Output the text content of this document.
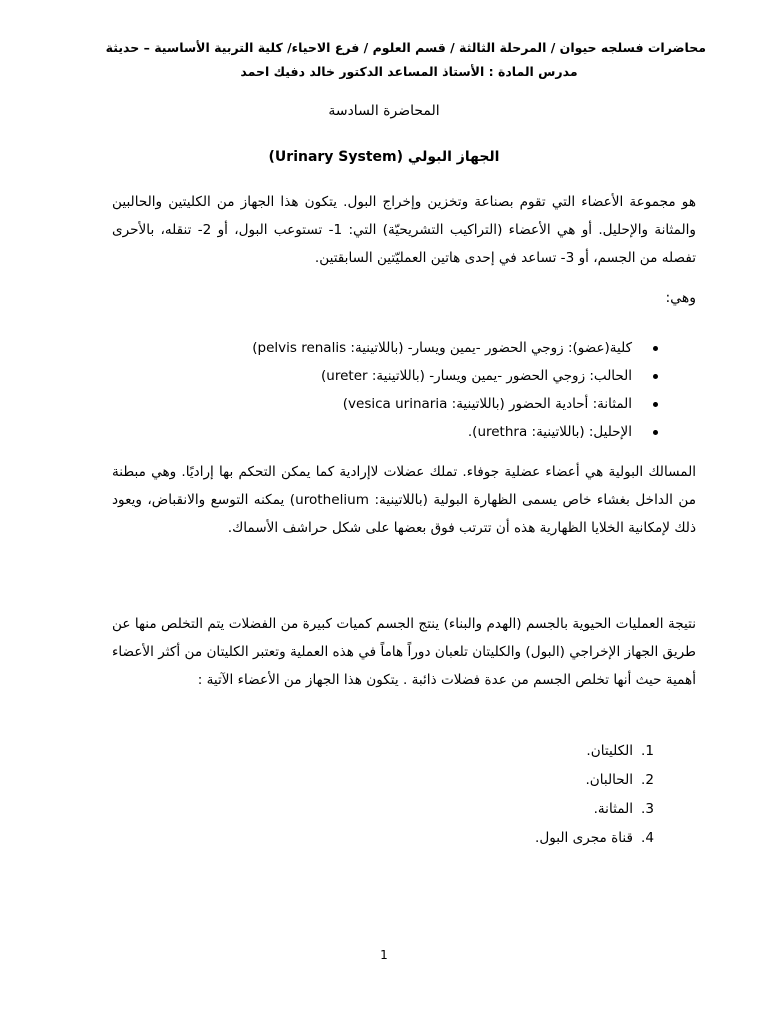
محاضرات فسلجه حيوان / المرحلة الثالثة / قسم العلوم / فرع الاحياء/ كلية التربية الأساسية – حديثة
مدرس المادة : الأستاذ المساعد الدكتور خالد دفيك احمد
المحاضرة السادسة
الجهاز البولي (Urinary System)
هو مجموعة الأعضاء التي تقوم بصناعة وتخزين وإخراج البول. يتكون هذا الجهاز من الكليتين والحالبين والمثانة والإحليل. أو هي الأعضاء (التراكيب التشريحيّة) التي: 1- تستوعب البول، أو 2- تنقله، بالأحرى تفصله من الجسم، أو 3- تساعد في إحدى هاتين العمليّتين السابقتين.
وهي:
كلية(عضو): زوجي الحضور -يمين ويسار- (باللاتينية: pelvis renalis)
الحالب: زوجي الحضور -يمين ويسار- (باللاتينية: ureter)
المثانة: أحادية الحضور (باللاتينية: vesica urinaria)
الإحليل: (باللاتينية: urethra).
المسالك البولية هي أعضاء عضلية جوفاء. تملك عضلات لاإرادية كما يمكن التحكم بها إراديًا. وهي مبطنة من الداخل بغشاء خاص يسمى الظهارة البولية (باللاتينية: urothelium) يمكنه التوسع والانقباض، ويعود ذلك لإمكانية الخلايا الظهارية هذه أن تترتب فوق بعضها على شكل حراشف الأسماك.
نتيجة العمليات الحيوية بالجسم (الهدم والبناء) ينتج الجسم كميات كبيرة من الفضلات يتم التخلص منها عن طريق الجهاز الإخراجي (البول) والكليتان تلعبان دوراً هاماً في هذه العملية وتعتبر الكليتان من أكثر الأعضاء أهمية حيث أنها تخلص الجسم من عدة فضلات ذائبة . يتكون هذا الجهاز من الأعضاء الآتية :
1.الكليتان.
2.الحالبان.
3.المثانة.
4.قناة مجرى البول.
1
